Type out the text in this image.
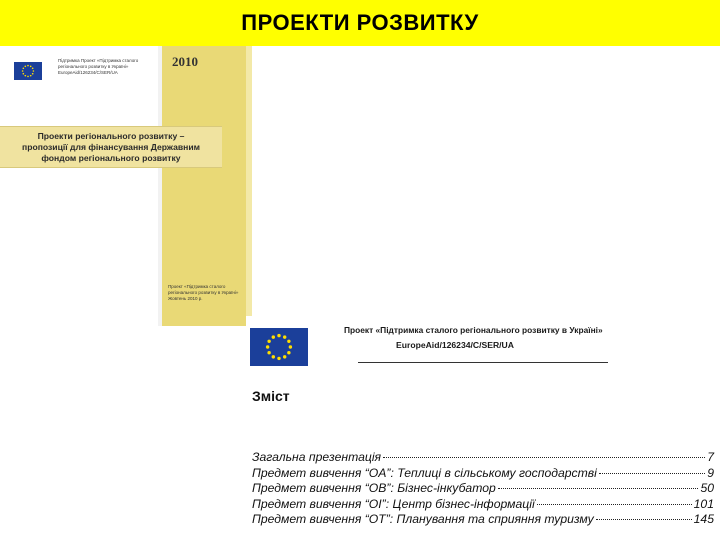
ПРОЕКТИ РОЗВИТКУ
Підтримка Проект «Підтримка сталого регіонального розвитку в Україні» EuropeAid/126234/C/SER/UA
2010
Проекти регіонального розвитку –
пропозиції для фінансування Державним
фондом регіонального розвитку
Проект «Підтримка сталого регіонального розвитку в Україні» Жовтень 2010 р.
Проект «Підтримка сталого регіонального розвитку в Україні»
EuropeAid/126234/C/SER/UA
Зміст
Загальна презентація	7
Предмет вивчення “OA”: Теплиці в сільському господарстві	9
Предмет вивчення “OB”: Бізнес-інкубатор	50
Предмет вивчення “OI”: Центр бізнес-інформації	101
Предмет вивчення “OT”: Планування та сприяння туризму	145
